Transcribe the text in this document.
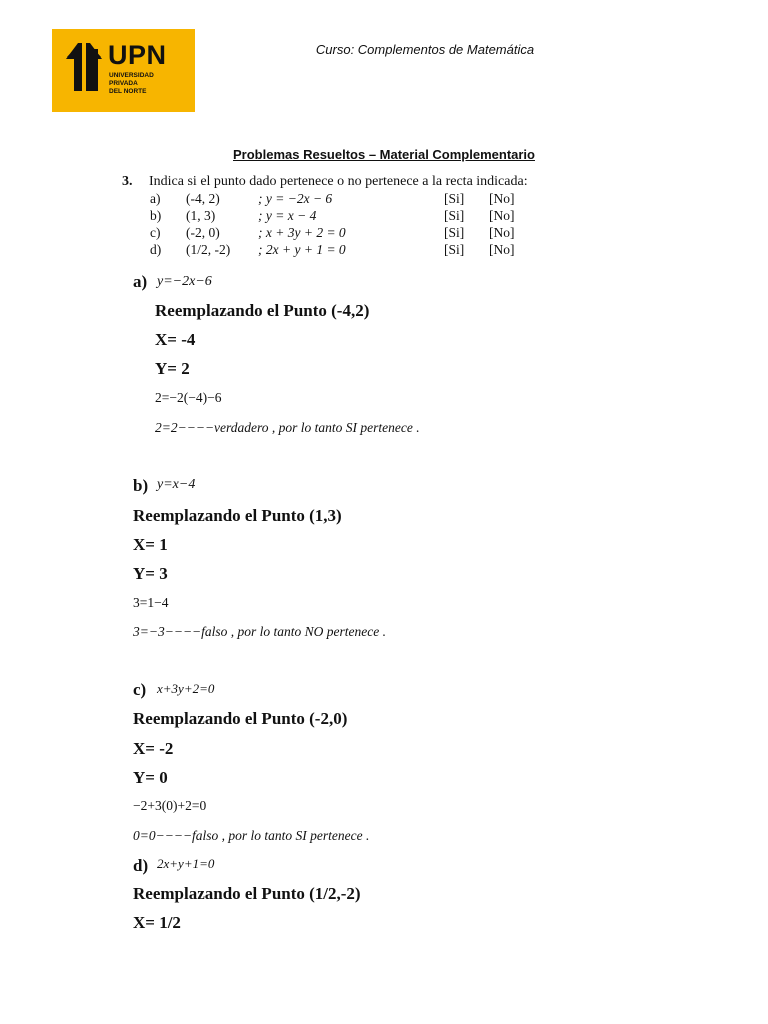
UPN
UNIVERSIDAD
PRIVADA
DEL NORTE
Curso: Complementos de Matemática
Problemas Resueltos – Material Complementario
3. Indica si el punto dado pertenece o no pertenece a la recta indicada:
a) (-4, 2)	; y = −2x − 6	[Si] [No]
b) (1, 3)	; y = x − 4	[Si] [No]
c) (-2, 0)	; x + 3y + 2 = 0	[Si] [No]
d) (1/2, -2) ; 2x + y + 1 = 0	[Si] [No]
a) y=−2x−6
Reemplazando el Punto (-4,2)
X= -4
Y= 2
2=−2(−4)−6
2=2−−−−verdadero , por lo tanto SI pertenece .
b) y=x−4
Reemplazando el Punto (1,3)
X= 1
Y= 3
3=1−4
3=−3−−−−falso , por lo tanto NO pertenece .
c) x+3y+2=0
Reemplazando el Punto (-2,0)
X= -2
Y= 0
−2+3(0)+2=0
0=0−−−−falso , por lo tanto SI pertenece .
d) 2x+y+1=0
Reemplazando el Punto (1/2,-2)
X= 1/2
